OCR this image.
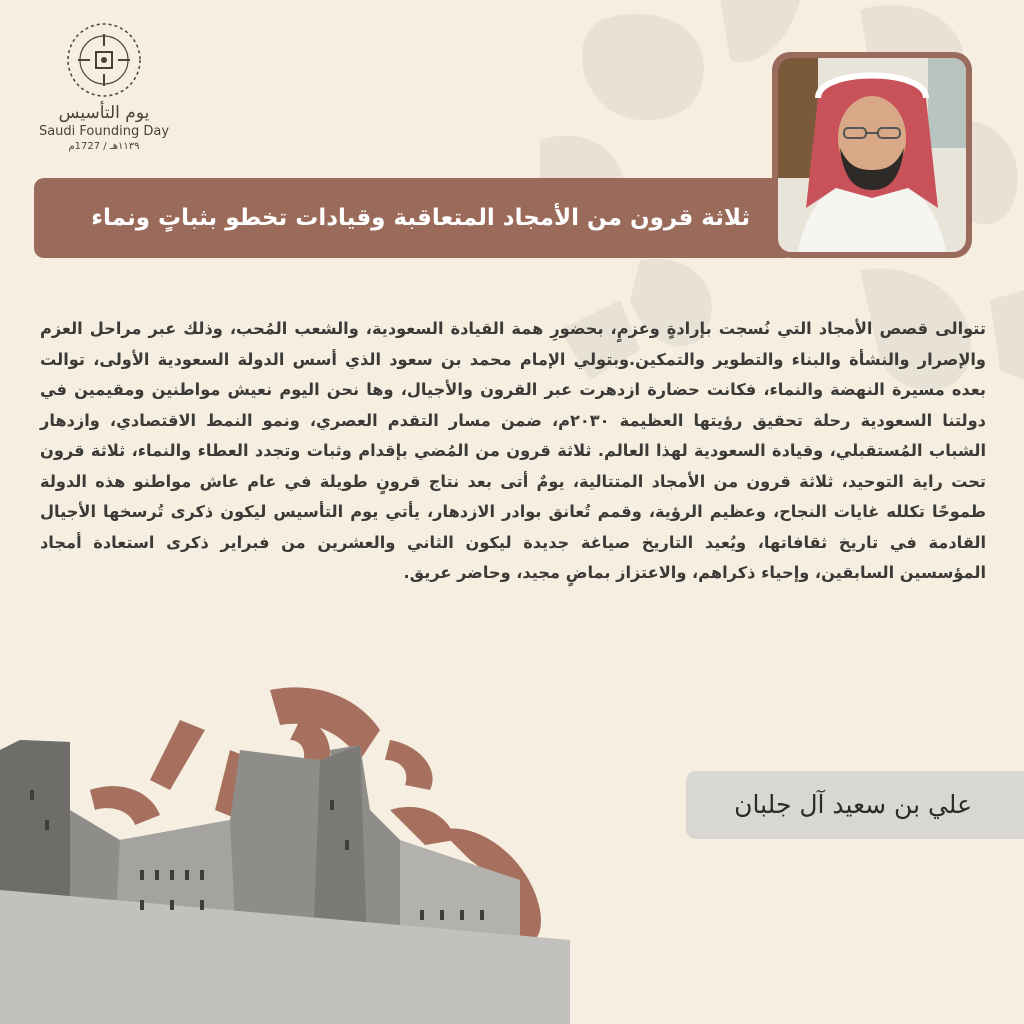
يوم التأسيس
Saudi Founding Day
١١٣٩هـ / 1727م
ثلاثة قرون من الأمجاد المتعاقبة وقيادات تخطو بثباتٍ ونماء

تتوالى قصص الأمجاد التي نُسجت بإرادةٍ وعزمٍ، بحضورِ همة القيادة السعودية، والشعب المُحب، وذلك عبر مراحل العزم والإصرار والنشأة والبناء والتطوير والتمكين.وبتولي الإمام محمد بن سعود الذي أسس الدولة السعودية الأولى، توالت بعده مسيرة النهضة والنماء، فكانت حضارة ازدهرت عبر القرون والأجيال، وها نحن اليوم نعيش مواطنين ومقيمين في دولتنا السعودية رحلة تحقيق رؤيتها العظيمة ٢٠٣٠م، ضمن مسار التقدم العصري، ونمو النمط الاقتصادي، وازدهار الشباب المُستقبلي، وقيادة السعودية لهذا العالم. ثلاثة قرون من المُضي بإقدام وثبات وتجدد العطاء والنماء، ثلاثة قرون تحت راية التوحيد، ثلاثة قرون من الأمجاد المتتالية، يومٌ أتى بعد نتاج قرونٍ طويلة في عام عاش مواطنو هذه الدولة طموحًا تكلله غايات النجاح، وعظيم الرؤية، وقمم تُعانق بوادر الازدهار، يأتي يوم التأسيس ليكون ذكرى تُرسخها الأجيال القادمة في تاريخ ثقافاتها، ويُعيد التاريخ صياغة جديدة ليكون الثاني والعشرين من فبراير ذكرى استعادة أمجاد المؤسسين السابقين، وإحياء ذكراهم، والاعتزاز بماضٍ مجيد، وحاضر عريق.

علي بن سعيد آل جلبان
